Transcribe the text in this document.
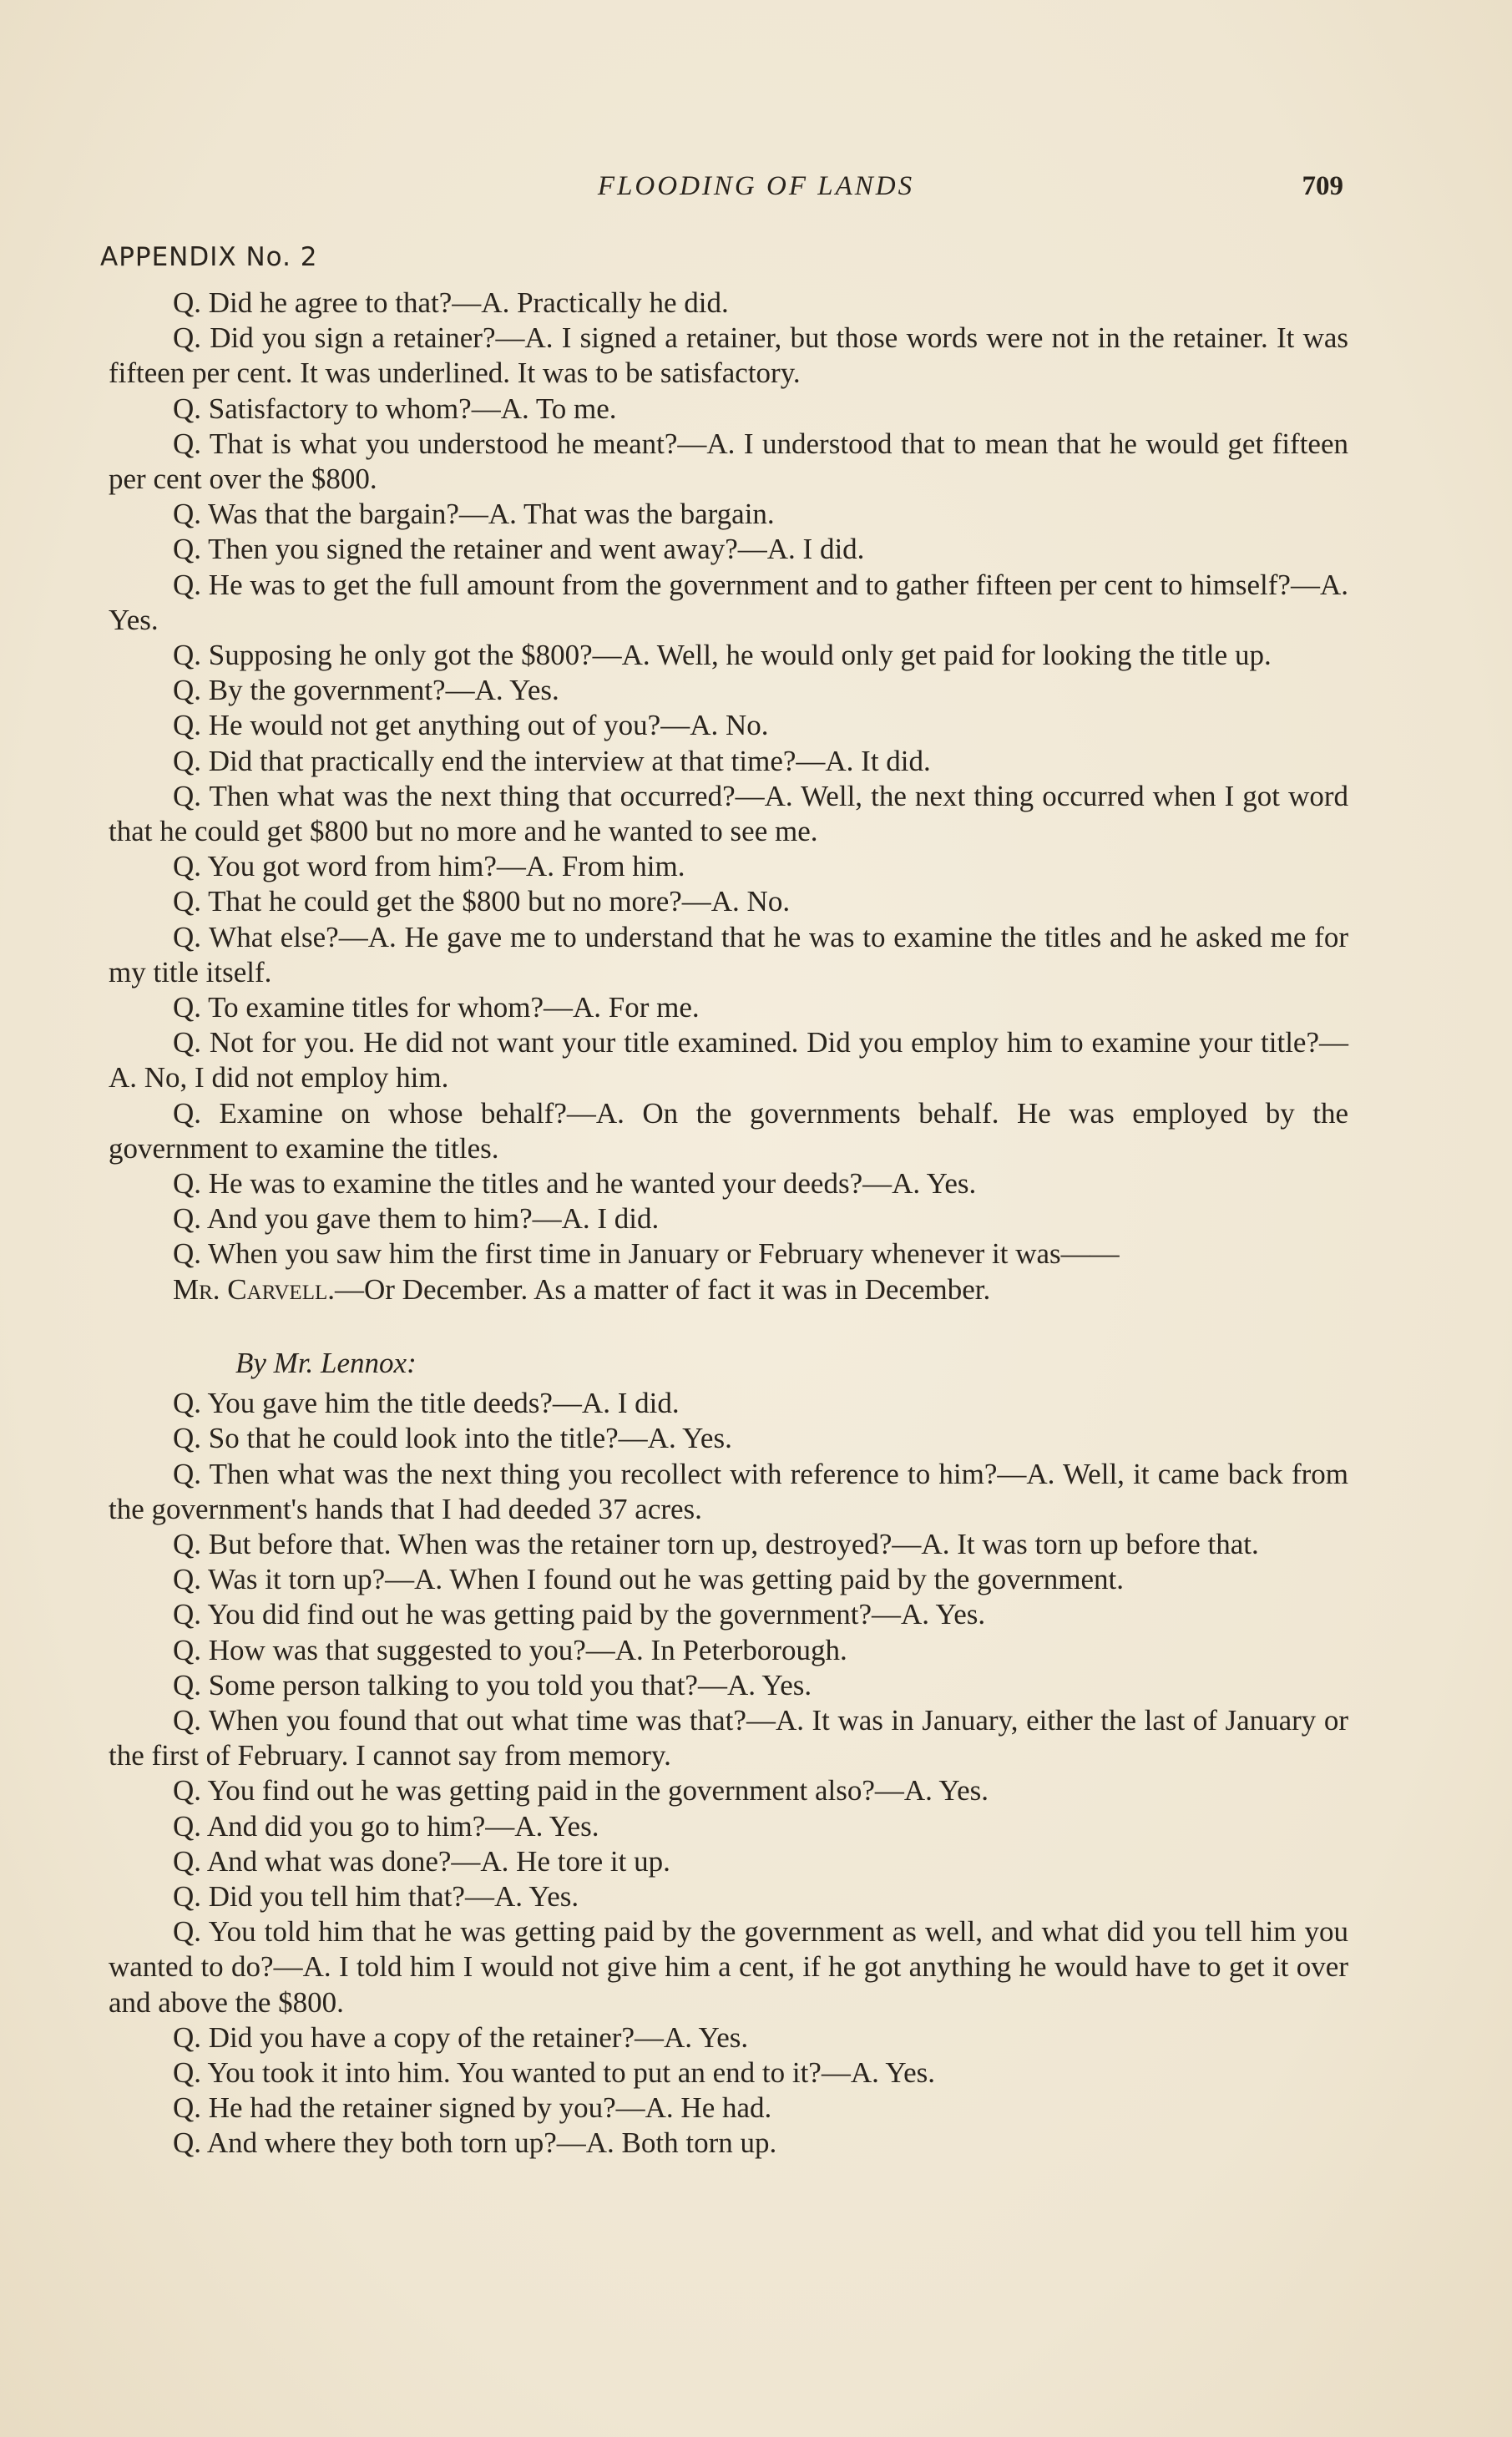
FLOODING OF LANDS	709
APPENDIX No. 2

Q. Did he agree to that?—A. Practically he did.

Q. Did you sign a retainer?—A. I signed a retainer, but those words were not in the retainer. It was fifteen per cent. It was underlined. It was to be satisfactory.

Q. Satisfactory to whom?—A. To me.

Q. That is what you understood he meant?—A. I understood that to mean that he would get fifteen per cent over the $800.

Q. Was that the bargain?—A. That was the bargain.

Q. Then you signed the retainer and went away?—A. I did.

Q. He was to get the full amount from the government and to gather fifteen per cent to himself?—A. Yes.

Q. Supposing he only got the $800?—A. Well, he would only get paid for looking the title up.

Q. By the government?—A. Yes.

Q. He would not get anything out of you?—A. No.

Q. Did that practically end the interview at that time?—A. It did.

Q. Then what was the next thing that occurred?—A. Well, the next thing occurred when I got word that he could get $800 but no more and he wanted to see me.

Q. You got word from him?—A. From him.

Q. That he could get the $800 but no more?—A. No.

Q. What else?—A. He gave me to understand that he was to examine the titles and he asked me for my title itself.

Q. To examine titles for whom?—A. For me.

Q. Not for you. He did not want your title examined. Did you employ him to examine your title?—A. No, I did not employ him.

Q. Examine on whose behalf?—A. On the governments behalf. He was employed by the government to examine the titles.

Q. He was to examine the titles and he wanted your deeds?—A. Yes.

Q. And you gave them to him?—A. I did.

Q. When you saw him the first time in January or February whenever it was——

Mr. Carvell.—Or December. As a matter of fact it was in December.

By Mr. Lennox:

Q. You gave him the title deeds?—A. I did.

Q. So that he could look into the title?—A. Yes.

Q. Then what was the next thing you recollect with reference to him?—A. Well, it came back from the government's hands that I had deeded 37 acres.

Q. But before that. When was the retainer torn up, destroyed?—A. It was torn up before that.

Q. Was it torn up?—A. When I found out he was getting paid by the government.

Q. You did find out he was getting paid by the government?—A. Yes.

Q. How was that suggested to you?—A. In Peterborough.

Q. Some person talking to you told you that?—A. Yes.

Q. When you found that out what time was that?—A. It was in January, either the last of January or the first of February. I cannot say from memory.

Q. You find out he was getting paid in the government also?—A. Yes.

Q. And did you go to him?—A. Yes.

Q. And what was done?—A. He tore it up.

Q. Did you tell him that?—A. Yes.

Q. You told him that he was getting paid by the government as well, and what did you tell him you wanted to do?—A. I told him I would not give him a cent, if he got anything he would have to get it over and above the $800.

Q. Did you have a copy of the retainer?—A. Yes.

Q. You took it into him. You wanted to put an end to it?—A. Yes.

Q. He had the retainer signed by you?—A. He had.

Q. And where they both torn up?—A. Both torn up.
